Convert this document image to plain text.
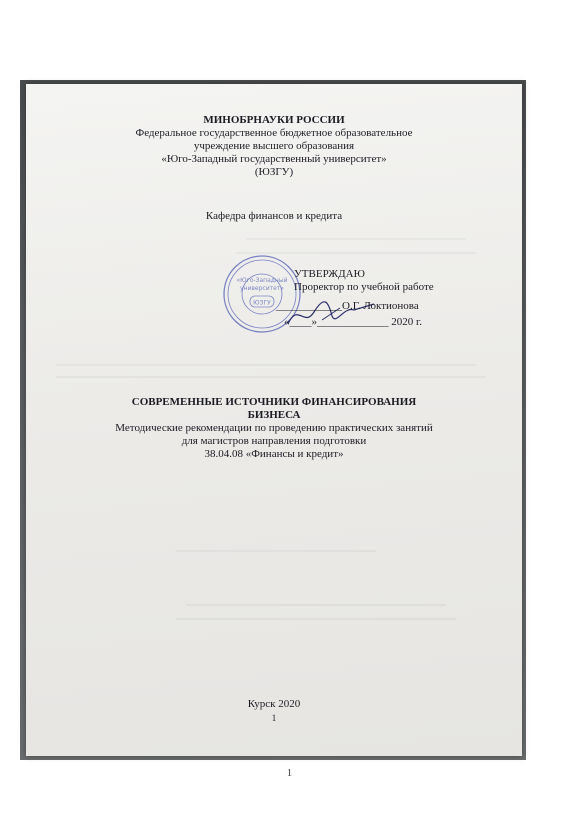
МИНОБРНАУКИ РОССИИ
Федеральное государственное бюджетное образовательное
учреждение высшего образования
«Юго-Западный государственный университет»
(ЮЗГУ)
Кафедра финансов и кредита
«Юго-Западный
университет»
ЮЗГУ
УТВЕРЖДАЮ
Проректор по учебной работе
____________О.Г. Локтионова
«____»_____________ 2020 г.
СОВРЕМЕННЫЕ ИСТОЧНИКИ ФИНАНСИРОВАНИЯ
БИЗНЕСА
Методические рекомендации по проведению практических занятий
для магистров направления подготовки
38.04.08 «Финансы и кредит»
Курск 2020
1
1
